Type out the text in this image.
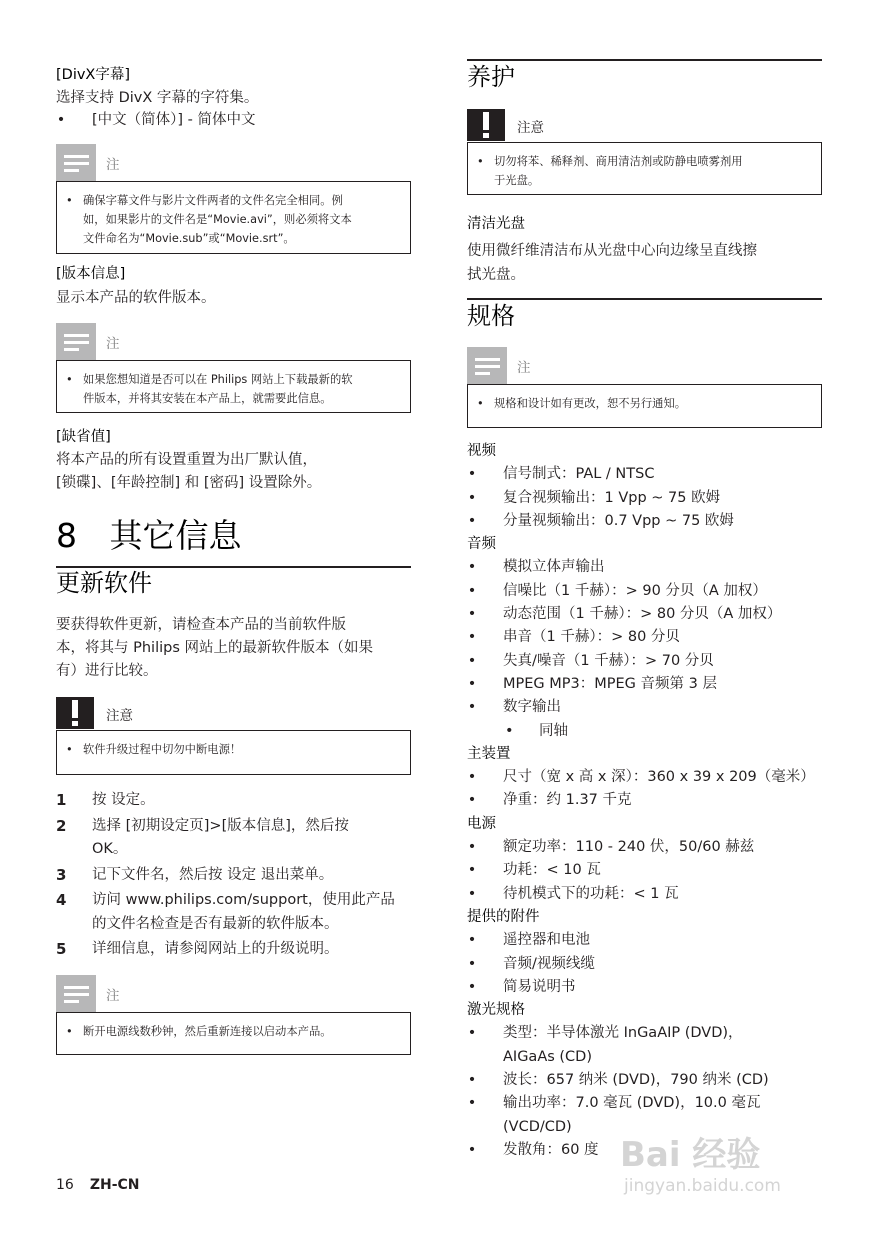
[DivX字幕]
选择支持 DivX 字幕的字符集。
• [中文（简体）] - 简体中文
注
• 确保字幕文件与影片文件两者的文件名完全相同。例
如，如果影片的文件名是“Movie.avi”，则必须将文本
文件命名为“Movie.sub”或“Movie.srt”。
[版本信息]
显示本产品的软件版本。
注
• 如果您想知道是否可以在 Philips 网站上下载最新的软
件版本，并将其安装在本产品上，就需要此信息。
[缺省值]
将本产品的所有设置重置为出厂默认值，
[锁碟]、[年龄控制] 和 [密码] 设置除外。
8 其它信息
更新软件
要获得软件更新，请检查本产品的当前软件版
本，将其与 Philips 网站上的最新软件版本（如果
有）进行比较。
注意
• 软件升级过程中切勿中断电源！
1 按 设定。
2 选择 [初期设定页]>[版本信息]，然后按
OK。
3 记下文件名，然后按 设定 退出菜单。
4 访问 www.philips.com/support，使用此产品
的文件名检查是否有最新的软件版本。
5 详细信息，请参阅网站上的升级说明。
注
• 断开电源线数秒钟，然后重新连接以启动本产品。
养护
注意
• 切勿将苯、稀释剂、商用清洁剂或防静电喷雾剂用
于光盘。
清洁光盘
使用微纤维清洁布从光盘中心向边缘呈直线擦
拭光盘。
规格
注
• 规格和设计如有更改，恕不另行通知。
视频
• 信号制式：PAL / NTSC
• 复合视频输出：1 Vpp ~ 75 欧姆
• 分量视频输出：0.7 Vpp ~ 75 欧姆
音频
• 模拟立体声输出
• 信噪比（1 千赫）：> 90 分贝（A 加权）
• 动态范围（1 千赫）：> 80 分贝（A 加权）
• 串音（1 千赫）：> 80 分贝
• 失真/噪音（1 千赫）：> 70 分贝
• MPEG MP3：MPEG 音频第 3 层
• 数字输出
• 同轴
主装置
• 尺寸（宽 x 高 x 深）：360 x 39 x 209（毫米）
• 净重：约 1.37 千克
电源
• 额定功率：110 - 240 伏，50/60 赫兹
• 功耗：< 10 瓦
• 待机模式下的功耗：< 1 瓦
提供的附件
• 遥控器和电池
• 音频/视频线缆
• 简易说明书
激光规格
• 类型：半导体激光 InGaAIP (DVD)，
AIGaAs (CD)
• 波长：657 纳米 (DVD)，790 纳米 (CD)
• 输出功率：7.0 毫瓦 (DVD)，10.0 毫瓦
(VCD/CD)
• 发散角：60 度
16 ZH-CN
Bai 经验
jingyan.baidu.com
